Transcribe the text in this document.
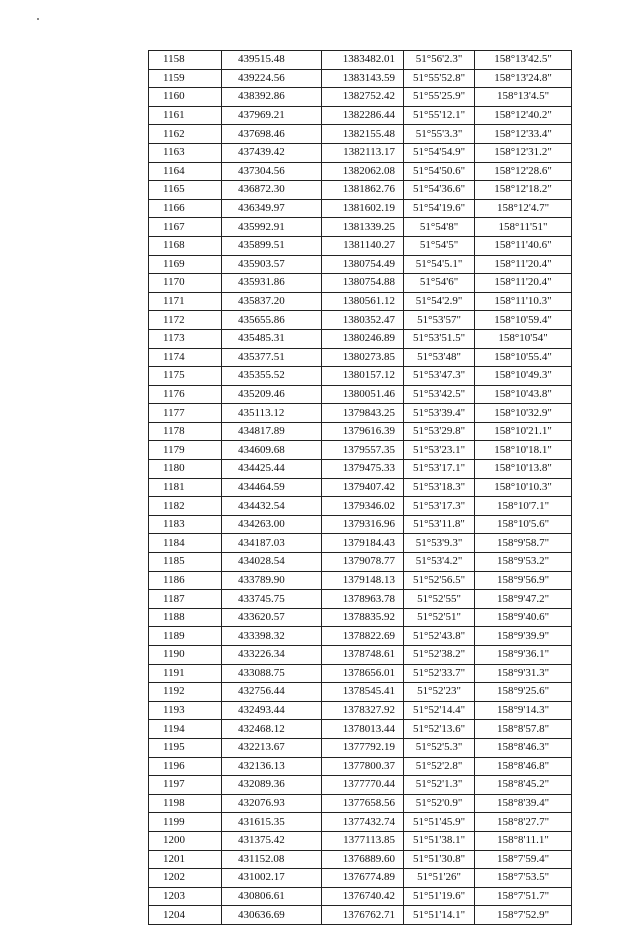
1158	439515.48	1383482.01	51°56'2.3"	158°13'42.5"
1159	439224.56	1383143.59	51°55'52.8"	158°13'24.8"
1160	438392.86	1382752.42	51°55'25.9"	158°13'4.5"
1161	437969.21	1382286.44	51°55'12.1"	158°12'40.2"
1162	437698.46	1382155.48	51°55'3.3"	158°12'33.4"
1163	437439.42	1382113.17	51°54'54.9"	158°12'31.2"
1164	437304.56	1382062.08	51°54'50.6"	158°12'28.6"
1165	436872.30	1381862.76	51°54'36.6"	158°12'18.2"
1166	436349.97	1381602.19	51°54'19.6"	158°12'4.7"
1167	435992.91	1381339.25	51°54'8"	158°11'51"
1168	435899.51	1381140.27	51°54'5"	158°11'40.6"
1169	435903.57	1380754.49	51°54'5.1"	158°11'20.4"
1170	435931.86	1380754.88	51°54'6"	158°11'20.4"
1171	435837.20	1380561.12	51°54'2.9"	158°11'10.3"
1172	435655.86	1380352.47	51°53'57"	158°10'59.4"
1173	435485.31	1380246.89	51°53'51.5"	158°10'54"
1174	435377.51	1380273.85	51°53'48"	158°10'55.4"
1175	435355.52	1380157.12	51°53'47.3"	158°10'49.3"
1176	435209.46	1380051.46	51°53'42.5"	158°10'43.8"
1177	435113.12	1379843.25	51°53'39.4"	158°10'32.9"
1178	434817.89	1379616.39	51°53'29.8"	158°10'21.1"
1179	434609.68	1379557.35	51°53'23.1"	158°10'18.1"
1180	434425.44	1379475.33	51°53'17.1"	158°10'13.8"
1181	434464.59	1379407.42	51°53'18.3"	158°10'10.3"
1182	434432.54	1379346.02	51°53'17.3"	158°10'7.1"
1183	434263.00	1379316.96	51°53'11.8"	158°10'5.6"
1184	434187.03	1379184.43	51°53'9.3"	158°9'58.7"
1185	434028.54	1379078.77	51°53'4.2"	158°9'53.2"
1186	433789.90	1379148.13	51°52'56.5"	158°9'56.9"
1187	433745.75	1378963.78	51°52'55"	158°9'47.2"
1188	433620.57	1378835.92	51°52'51"	158°9'40.6"
1189	433398.32	1378822.69	51°52'43.8"	158°9'39.9"
1190	433226.34	1378748.61	51°52'38.2"	158°9'36.1"
1191	433088.75	1378656.01	51°52'33.7"	158°9'31.3"
1192	432756.44	1378545.41	51°52'23"	158°9'25.6"
1193	432493.44	1378327.92	51°52'14.4"	158°9'14.3"
1194	432468.12	1378013.44	51°52'13.6"	158°8'57.8"
1195	432213.67	1377792.19	51°52'5.3"	158°8'46.3"
1196	432136.13	1377800.37	51°52'2.8"	158°8'46.8"
1197	432089.36	1377770.44	51°52'1.3"	158°8'45.2"
1198	432076.93	1377658.56	51°52'0.9"	158°8'39.4"
1199	431615.35	1377432.74	51°51'45.9"	158°8'27.7"
1200	431375.42	1377113.85	51°51'38.1"	158°8'11.1"
1201	431152.08	1376889.60	51°51'30.8"	158°7'59.4"
1202	431002.17	1376774.89	51°51'26"	158°7'53.5"
1203	430806.61	1376740.42	51°51'19.6"	158°7'51.7"
1204	430636.69	1376762.71	51°51'14.1"	158°7'52.9"
